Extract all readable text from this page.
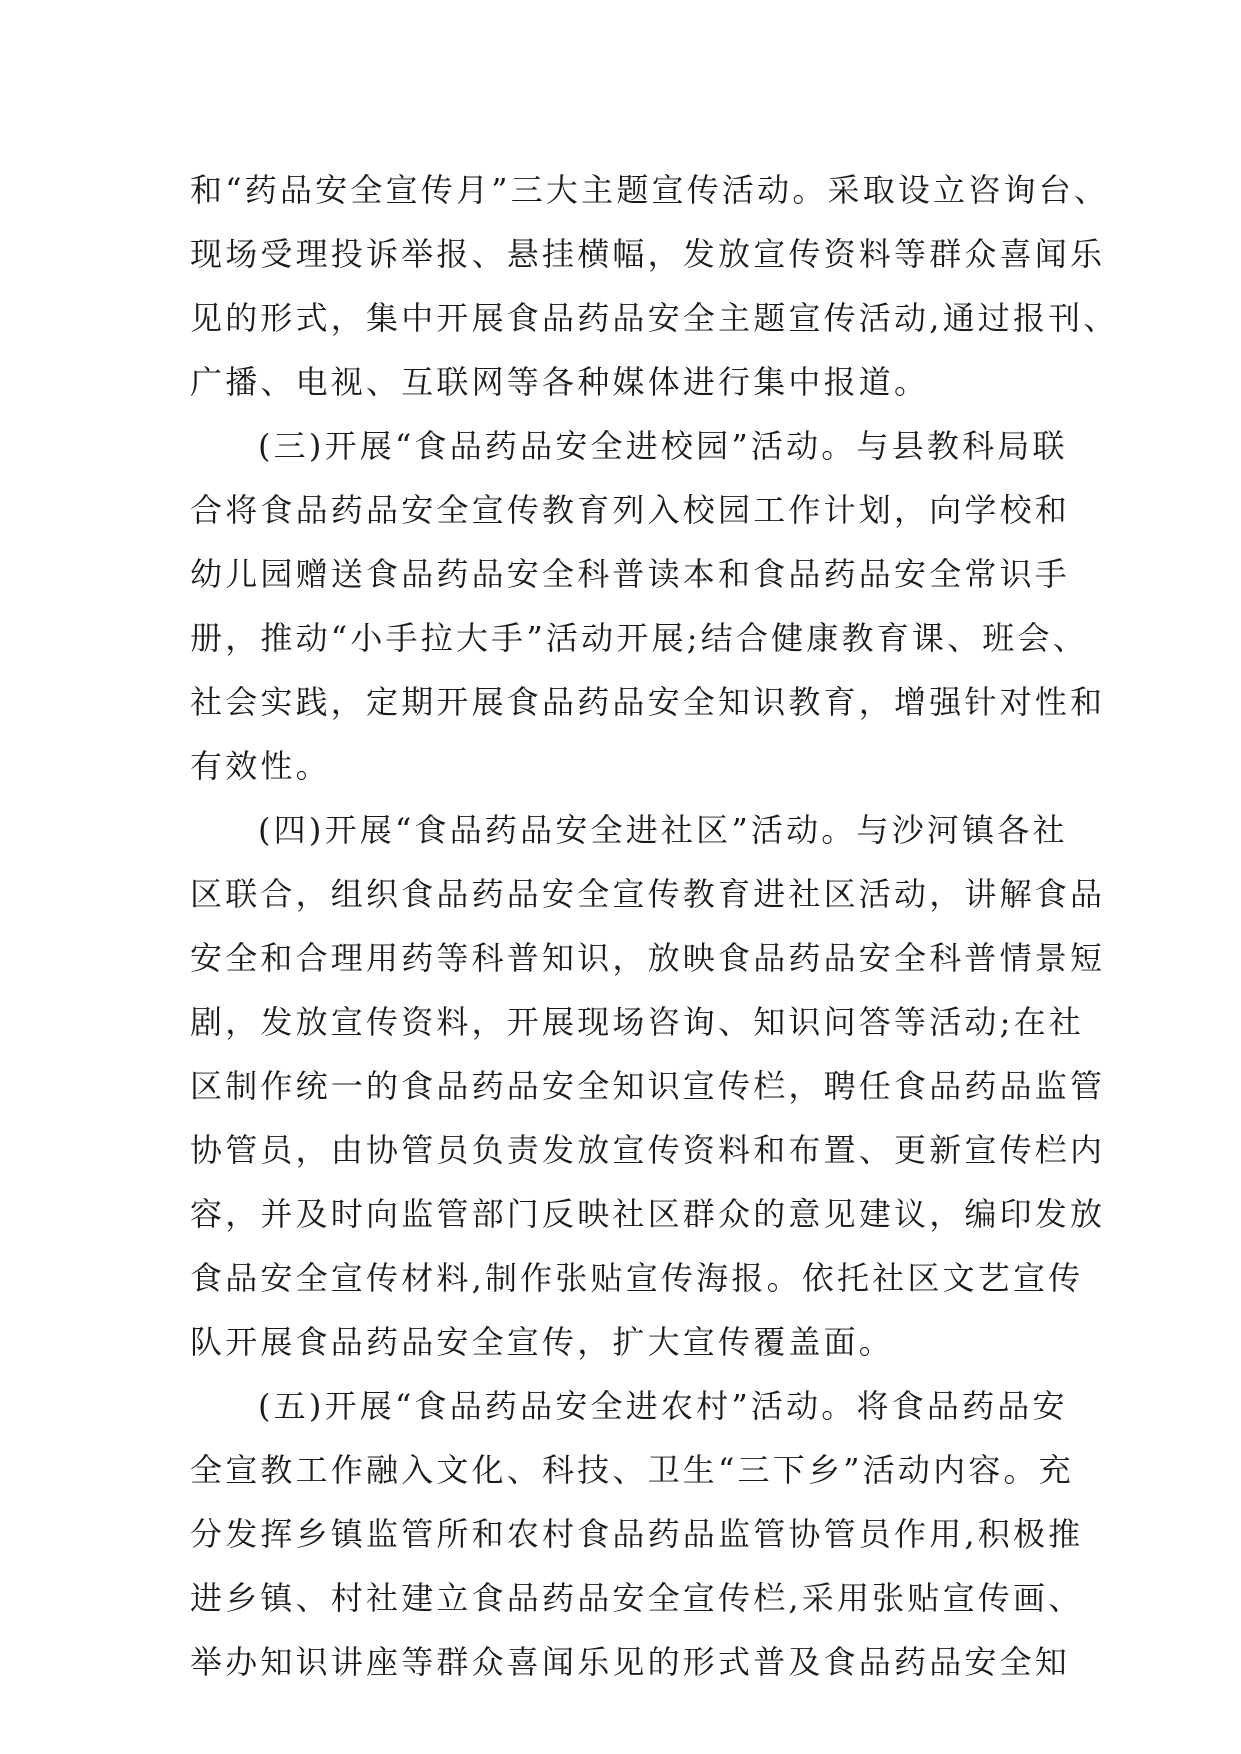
和“药品安全宣传月”三大主题宣传活动。采取设立咨询台、
现场受理投诉举报、悬挂横幅，发放宣传资料等群众喜闻乐
见的形式，集中开展食品药品安全主题宣传活动,通过报刊、
广播、电视、互联网等各种媒体进行集中报道。
(三)开展“食品药品安全进校园”活动。与县教科局联
合将食品药品安全宣传教育列入校园工作计划，向学校和
幼儿园赠送食品药品安全科普读本和食品药品安全常识手
册，推动“小手拉大手”活动开展;结合健康教育课、班会、
社会实践，定期开展食品药品安全知识教育，增强针对性和
有效性。
(四)开展“食品药品安全进社区”活动。与沙河镇各社
区联合，组织食品药品安全宣传教育进社区活动，讲解食品
安全和合理用药等科普知识，放映食品药品安全科普情景短
剧，发放宣传资料，开展现场咨询、知识问答等活动;在社
区制作统一的食品药品安全知识宣传栏，聘任食品药品监管
协管员，由协管员负责发放宣传资料和布置、更新宣传栏内
容，并及时向监管部门反映社区群众的意见建议，编印发放
食品安全宣传材料,制作张贴宣传海报。依托社区文艺宣传
队开展食品药品安全宣传，扩大宣传覆盖面。
(五)开展“食品药品安全进农村”活动。将食品药品安
全宣教工作融入文化、科技、卫生“三下乡”活动内容。充
分发挥乡镇监管所和农村食品药品监管协管员作用,积极推
进乡镇、村社建立食品药品安全宣传栏,采用张贴宣传画、
举办知识讲座等群众喜闻乐见的形式普及食品药品安全知
